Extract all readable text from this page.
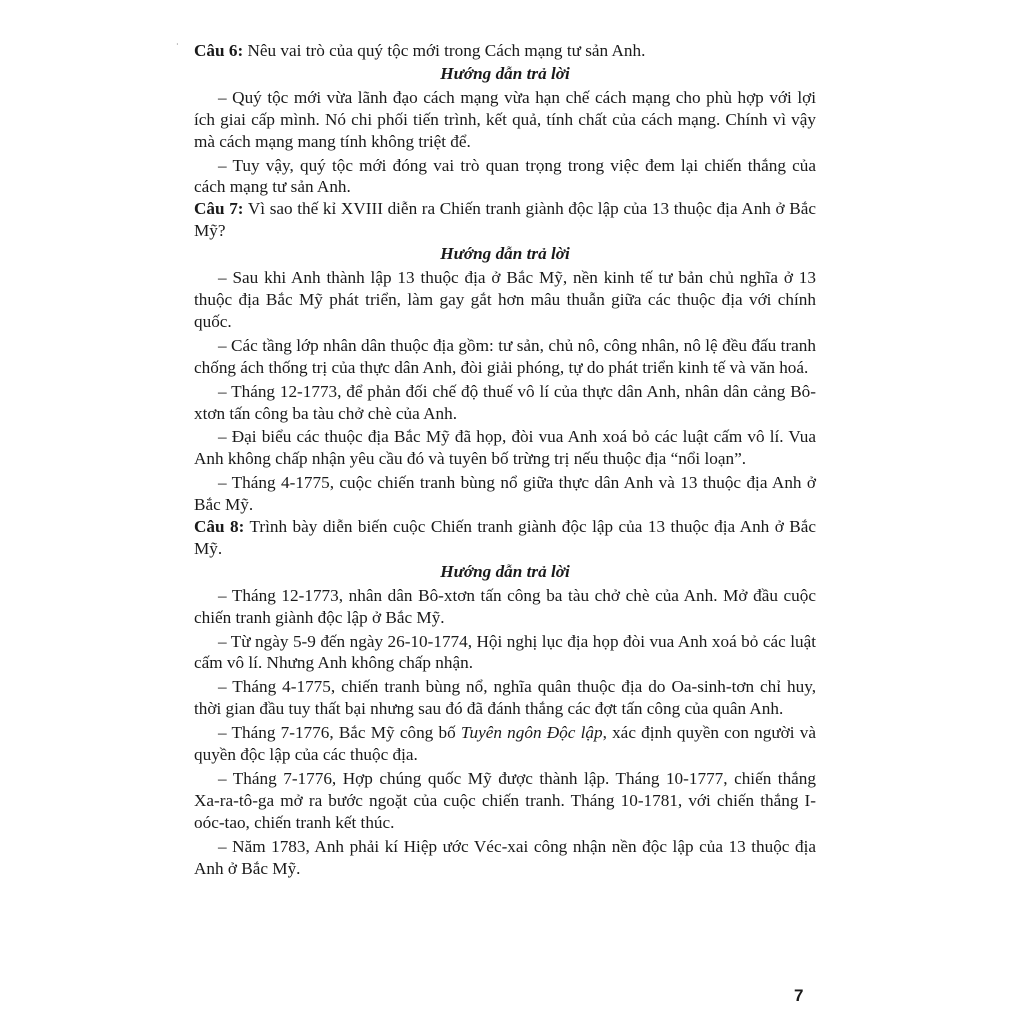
· Câu 6: Nêu vai trò của quý tộc mới trong Cách mạng tư sản Anh.

Hướng dẫn trả lời

– Quý tộc mới vừa lãnh đạo cách mạng vừa hạn chế cách mạng cho phù hợp với lợi ích giai cấp mình. Nó chi phối tiến trình, kết quả, tính chất của cách mạng. Chính vì vậy mà cách mạng mang tính không triệt để.

– Tuy vậy, quý tộc mới đóng vai trò quan trọng trong việc đem lại chiến thắng của cách mạng tư sản Anh.

Câu 7: Vì sao thế kỉ XVIII diễn ra Chiến tranh giành độc lập của 13 thuộc địa Anh ở Bắc Mỹ?

Hướng dẫn trả lời

– Sau khi Anh thành lập 13 thuộc địa ở Bắc Mỹ, nền kinh tế tư bản chủ nghĩa ở 13 thuộc địa Bắc Mỹ phát triển, làm gay gắt hơn mâu thuẫn giữa các thuộc địa với chính quốc.

– Các tầng lớp nhân dân thuộc địa gồm: tư sản, chủ nô, công nhân, nô lệ đều đấu tranh chống ách thống trị của thực dân Anh, đòi giải phóng, tự do phát triển kinh tế và văn hoá.

– Tháng 12-1773, để phản đối chế độ thuế vô lí của thực dân Anh, nhân dân cảng Bô-xtơn tấn công ba tàu chở chè của Anh.

– Đại biểu các thuộc địa Bắc Mỹ đã họp, đòi vua Anh xoá bỏ các luật cấm vô lí. Vua Anh không chấp nhận yêu cầu đó và tuyên bố trừng trị nếu thuộc địa “nổi loạn”.

– Tháng 4-1775, cuộc chiến tranh bùng nổ giữa thực dân Anh và 13 thuộc địa Anh ở Bắc Mỹ.

Câu 8: Trình bày diễn biến cuộc Chiến tranh giành độc lập của 13 thuộc địa Anh ở Bắc Mỹ.

Hướng dẫn trả lời

– Tháng 12-1773, nhân dân Bô-xtơn tấn công ba tàu chở chè của Anh. Mở đầu cuộc chiến tranh giành độc lập ở Bắc Mỹ.

– Từ ngày 5-9 đến ngày 26-10-1774, Hội nghị lục địa họp đòi vua Anh xoá bỏ các luật cấm vô lí. Nhưng Anh không chấp nhận.

– Tháng 4-1775, chiến tranh bùng nổ, nghĩa quân thuộc địa do Oa-sinh-tơn chỉ huy, thời gian đầu tuy thất bại nhưng sau đó đã đánh thắng các đợt tấn công của quân Anh.

– Tháng 7-1776, Bắc Mỹ công bố Tuyên ngôn Độc lập, xác định quyền con người và quyền độc lập của các thuộc địa.

– Tháng 7-1776, Hợp chúng quốc Mỹ được thành lập. Tháng 10-1777, chiến thắng Xa-ra-tô-ga mở ra bước ngoặt của cuộc chiến tranh. Tháng 10-1781, với chiến thắng I-oóc-tao, chiến tranh kết thúc.

– Năm 1783, Anh phải kí Hiệp ước Véc-xai công nhận nền độc lập của 13 thuộc địa Anh ở Bắc Mỹ.

7
